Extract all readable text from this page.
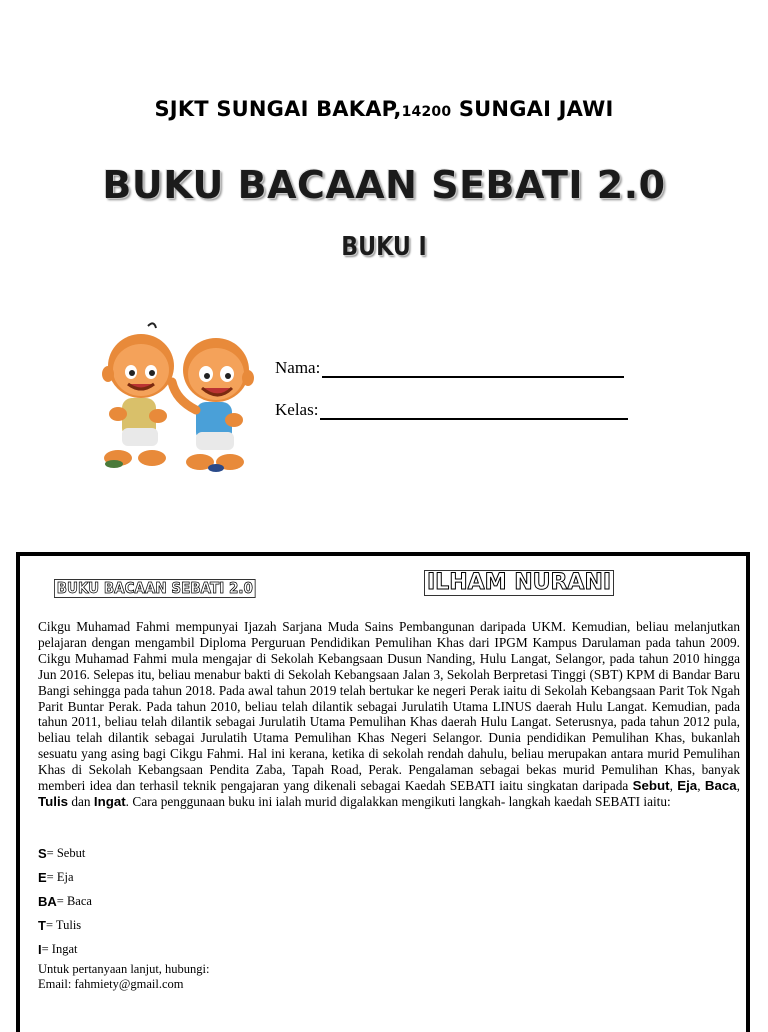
SJKT SUNGAI BAKAP,14200 SUNGAI JAWI
BUKU BACAAN SEBATI 2.0
BUKU I
Nama:
Kelas:
BUKU BACAAN SEBATI 2.0	ILHAM NURANI

Cikgu Muhamad Fahmi mempunyai Ijazah Sarjana Muda Sains Pembangunan daripada UKM. Kemudian, beliau melanjutkan pelajaran dengan mengambil Diploma Perguruan Pendidikan Pemulihan Khas dari IPGM Kampus Darulaman pada tahun 2009. Cikgu Muhamad Fahmi mula mengajar di Sekolah Kebangsaan Dusun Nanding, Hulu Langat, Selangor, pada tahun 2010 hingga Jun 2016. Selepas itu, beliau menabur bakti di Sekolah Kebangsaan Jalan 3, Sekolah Berpretasi Tinggi (SBT) KPM di Bandar Baru Bangi sehingga pada tahun 2018. Pada awal tahun 2019 telah bertukar ke negeri Perak iaitu di Sekolah Kebangsaan Parit Tok Ngah Parit Buntar Perak. Pada tahun 2010, beliau telah dilantik sebagai Jurulatih Utama LINUS daerah Hulu Langat. Kemudian, pada tahun 2011, beliau telah dilantik sebagai Jurulatih Utama Pemulihan Khas daerah Hulu Langat. Seterusnya, pada tahun 2012 pula, beliau telah dilantik sebagai Jurulatih Utama Pemulihan Khas Negeri Selangor. Dunia pendidikan Pemulihan Khas, bukanlah sesuatu yang asing bagi Cikgu Fahmi. Hal ini kerana, ketika di sekolah rendah dahulu, beliau merupakan antara murid Pemulihan Khas di Sekolah Kebangsaan Pendita Zaba, Tapah Road, Perak. Pengalaman sebagai bekas murid Pemulihan Khas, banyak memberi idea dan terhasil teknik pengajaran yang dikenali sebagai Kaedah SEBATI iaitu singkatan daripada Sebut, Eja, Baca, Tulis dan Ingat. Cara penggunaan buku ini ialah murid digalakkan mengikuti langkah- langkah kaedah SEBATI iaitu:

S = Sebut
E = Eja
BA = Baca
T = Tulis
I = Ingat
Untuk pertanyaan lanjut, hubungi:
Email: fahmiety@gmail.com
